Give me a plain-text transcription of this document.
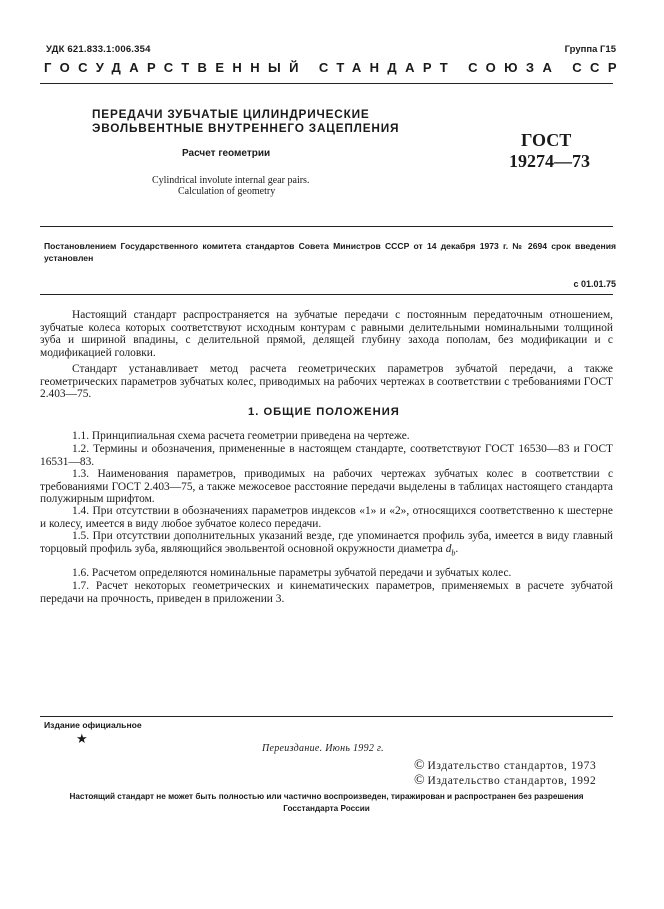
УДК 621.833.1:006.354	Группа Г15
ГОСУДАРСТВЕННЫЙ СТАНДАРТ СОЮЗА ССР
ПЕРЕДАЧИ ЗУБЧАТЫЕ ЦИЛИНДРИЧЕСКИЕ
ЭВОЛЬВЕНТНЫЕ ВНУТРЕННЕГО ЗАЦЕПЛЕНИЯ
Расчет геометрии
Cylindrical involute internal gear pairs.
Calculation of geometry
ГОСТ
19274—73
Постановлением Государственного комитета стандартов Совета Министров СССР от 14 декабря 1973 г. № 2694 срок введения установлен
с 01.01.75
Настоящий стандарт распространяется на зубчатые передачи с постоянным передаточным отношением, зубчатые колеса которых соответствуют исходным контурам с равными делительными номинальными толщиной зуба и шириной впадины, с делительной прямой, делящей глубину захода пополам, без модификации и с модификацией головки.
Стандарт устанавливает метод расчета геометрических параметров зубчатой передачи, а также геометрических параметров зубчатых колес, приводимых на рабочих чертежах в соответствии с требованиями ГОСТ 2.403—75.
1. ОБЩИЕ ПОЛОЖЕНИЯ
1.1. Принципиальная схема расчета геометрии приведена на чертеже.
1.2. Термины и обозначения, примененные в настоящем стандарте, соответствуют ГОСТ 16530—83 и ГОСТ 16531—83.
1.3. Наименования параметров, приводимых на рабочих чертежах зубчатых колес в соответствии с требованиями ГОСТ 2.403—75, а также межосевое расстояние передачи выделены в таблицах настоящего стандарта полужирным шрифтом.
1.4. При отсутствии в обозначениях параметров индексов «1» и «2», относящихся соответственно к шестерне и колесу, имеется в виду любое зубчатое колесо передачи.
1.5. При отсутствии дополнительных указаний везде, где упоминается профиль зуба, имеется в виду главный торцовый профиль зуба, являющийся эвольвентой основной окружности диаметра $d_b$.
1.6. Расчетом определяются номинальные параметры зубчатой передачи и зубчатых колес.
1.7. Расчет некоторых геометрических и кинематических параметров, применяемых в расчете зубчатой передачи на прочность, приведен в приложении 3.
Издание официальное
★
Переиздание. Июнь 1992 г.
© Издательство стандартов, 1973
© Издательство стандартов, 1992
Настоящий стандарт не может быть полностью или частично воспроизведен, тиражирован и распространен без разрешения
Госстандарта России
